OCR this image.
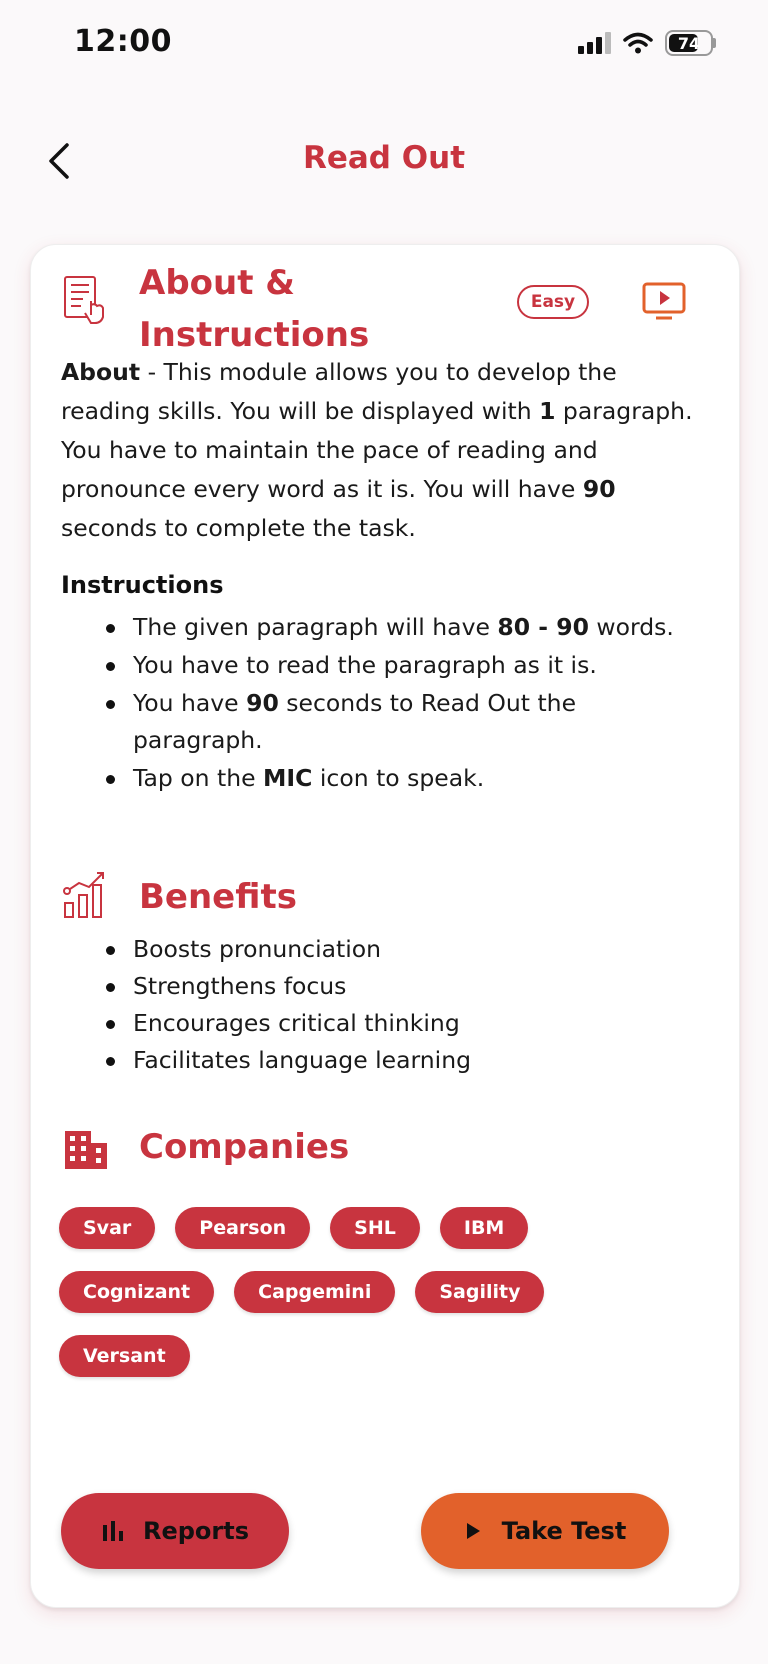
12:00	74
Read Out
About & Instructions
Easy
About - This module allows you to develop the reading skills. You will be displayed with 1 paragraph. You have to maintain the pace of reading and pronounce every word as it is. You will have 90 seconds to complete the task.
Instructions
The given paragraph will have 80 - 90 words.
You have to read the paragraph as it is.
You have 90 seconds to Read Out the paragraph.
Tap on the MIC icon to speak.
Benefits
Boosts pronunciation
Strengthens focus
Encourages critical thinking
Facilitates language learning
Companies
Svar	Pearson	SHL	IBM
Cognizant	Capgemini	Sagility
Versant
Reports	Take Test
